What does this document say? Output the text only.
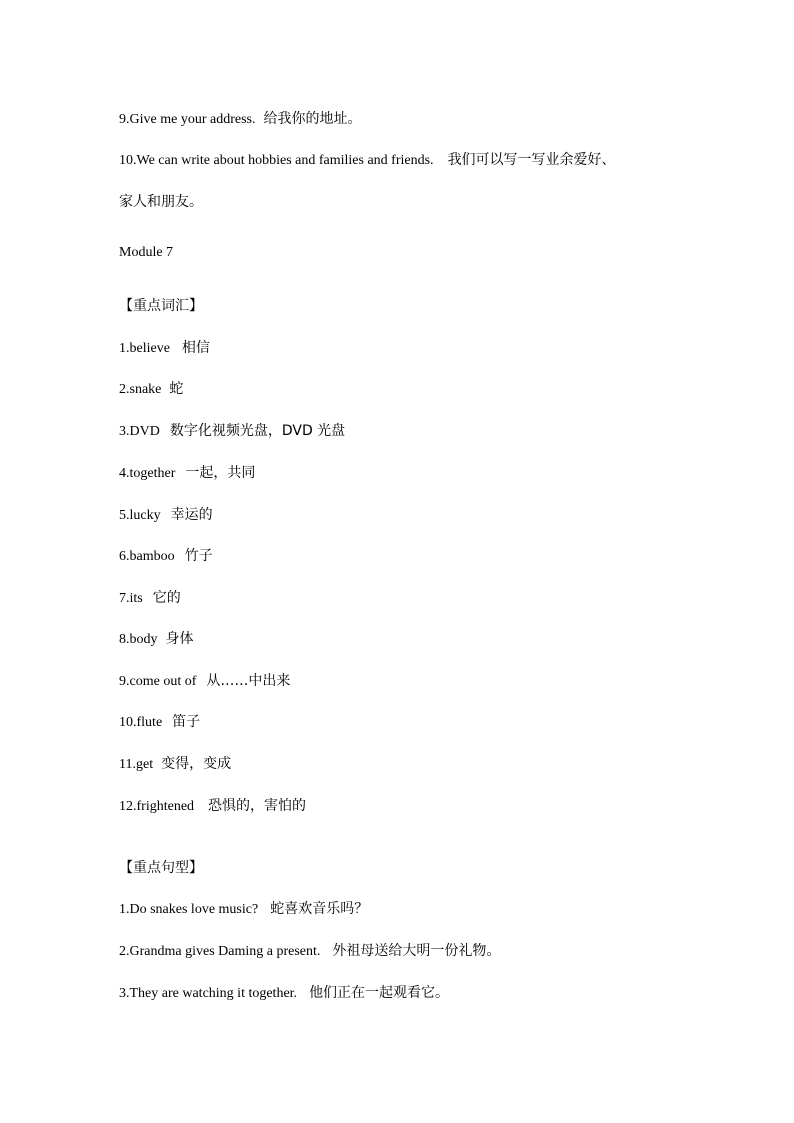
9.Give me your address. 给我你的地址。
10.We can write about hobbies and families and friends. 我们可以写一写业余爱好、
家人和朋友。
Module 7
【重点词汇】
1.believe 相信
2.snake 蛇
3.DVD 数字化视频光盘，DVD 光盘
4.together 一起，共同
5.lucky 幸运的
6.bamboo 竹子
7.its 它的
8.body 身体
9.come out of 从……中出来
10.flute 笛子
11.get 变得，变成
12.frightened 恐惧的，害怕的
【重点句型】
1.Do snakes love music? 蛇喜欢音乐吗？
2.Grandma gives Daming a present. 外祖母送给大明一份礼物。
3.They are watching it together. 他们正在一起观看它。
